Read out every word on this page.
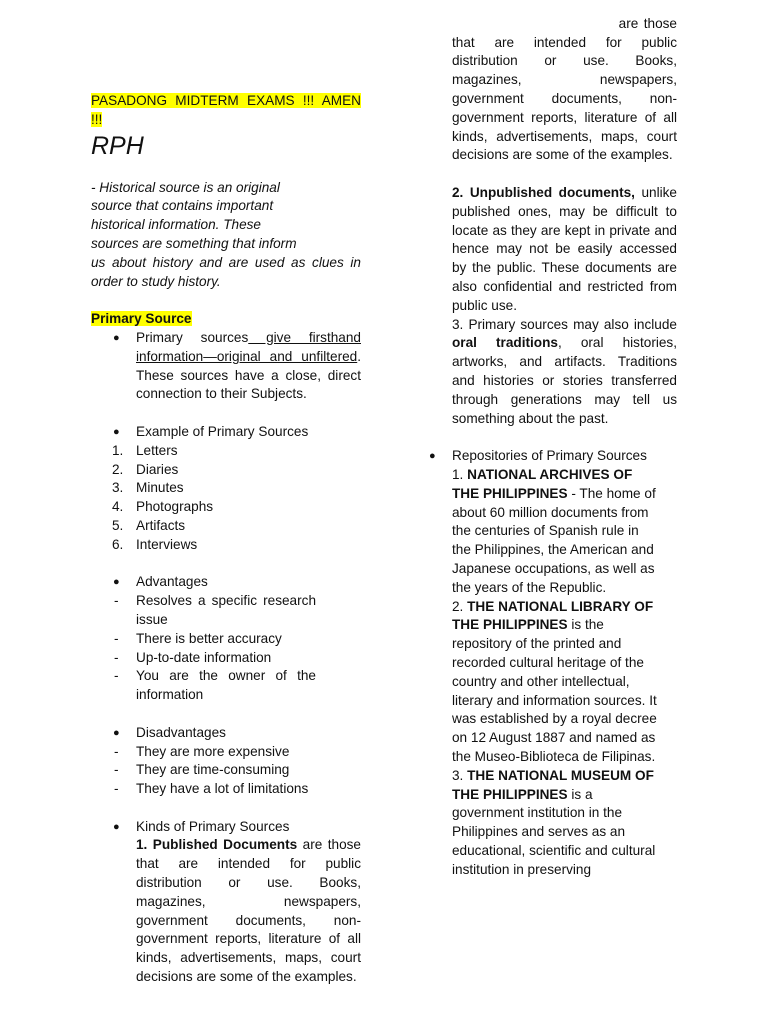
PASADONG MIDTERM EXAMS !!! AMEN
!!!
RPH
- Historical source is an original
source that contains important
historical information. These
sources are something that inform
us about history and are used as clues in order to study history.
Primary Source
● Primary sources give firsthand information—original and unfiltered. These sources have a close, direct connection to their Subjects.
● Example of Primary Sources
1. Letters
2. Diaries
3. Minutes
4. Photographs
5. Artifacts
6. Interviews
● Advantages
- Resolves a specific research issue
- There is better accuracy
- Up-to-date information
- You are the owner of the information
● Disadvantages
- They are more expensive
- They are time-consuming
- They have a lot of limitations
● Kinds of Primary Sources
1. Published Documents are those that are intended for public distribution or use. Books, magazines, newspapers, government documents, non-government reports, literature of all kinds, advertisements, maps, court decisions are some of the examples.
are those that are intended for public distribution or use. Books, magazines, newspapers, government documents, non-government reports, literature of all kinds, advertisements, maps, court decisions are some of the examples.
2. Unpublished documents, unlike published ones, may be difficult to locate as they are kept in private and hence may not be easily accessed by the public. These documents are also confidential and restricted from public use.
3. Primary sources may also include oral traditions, oral histories, artworks, and artifacts. Traditions and histories or stories transferred through generations may tell us something about the past.
● Repositories of Primary Sources
1. NATIONAL ARCHIVES OF THE PHILIPPINES - The home of about 60 million documents from the centuries of Spanish rule in the Philippines, the American and Japanese occupations, as well as the years of the Republic.
2. THE NATIONAL LIBRARY OF THE PHILIPPINES is the repository of the printed and recorded cultural heritage of the country and other intellectual, literary and information sources. It was established by a royal decree on 12 August 1887 and named as the Museo-Biblioteca de Filipinas.
3. THE NATIONAL MUSEUM OF THE PHILIPPINES is a government institution in the Philippines and serves as an educational, scientific and cultural institution in preserving
